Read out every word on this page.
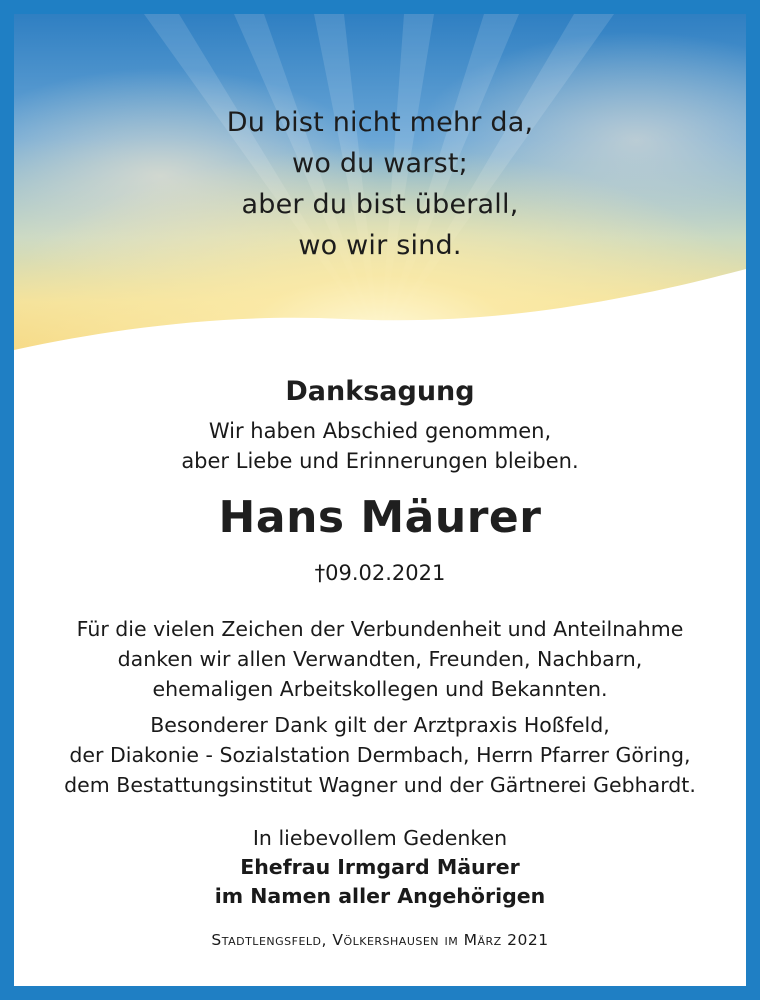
Du bist nicht mehr da,
wo du warst;
aber du bist überall,
wo wir sind.
Danksagung
Wir haben Abschied genommen,
aber Liebe und Erinnerungen bleiben.
Hans Mäurer
†09.02.2021
Für die vielen Zeichen der Verbundenheit und Anteilnahme
danken wir allen Verwandten, Freunden, Nachbarn,
ehemaligen Arbeitskollegen und Bekannten.
Besonderer Dank gilt der Arztpraxis Hoßfeld,
der Diakonie - Sozialstation Dermbach, Herrn Pfarrer Göring,
dem Bestattungsinstitut Wagner und der Gärtnerei Gebhardt.
In liebevollem Gedenken
Ehefrau Irmgard Mäurer
im Namen aller Angehörigen
Stadtlengsfeld, Völkershausen im März 2021
